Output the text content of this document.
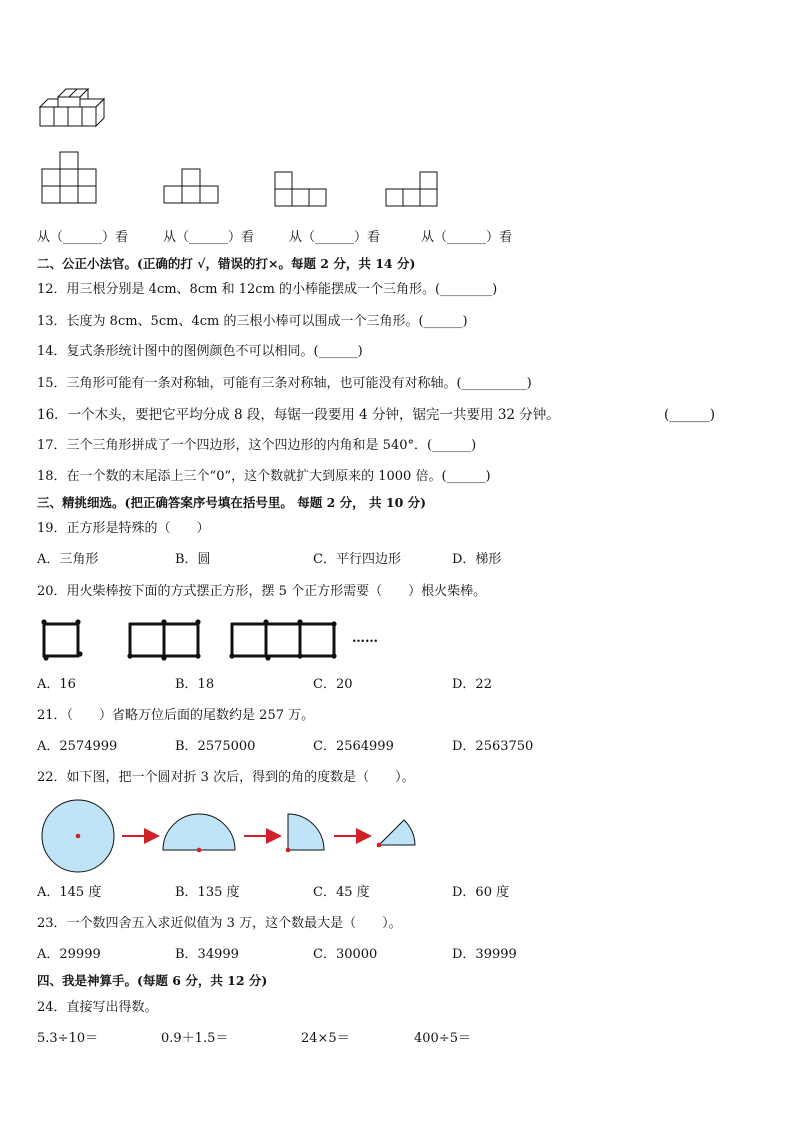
从（______）看	从（______）看	从（______）看	从（______）看
二、公正小法官。(正确的打 √，错误的打×。每题 2 分，共 14 分)
12．用三根分别是 4cm、8cm 和 12cm 的小棒能摆成一个三角形。(________)
13．长度为 8cm、5cm、4cm 的三根小棒可以围成一个三角形。(______)
14．复式条形统计图中的图例颜色不可以相同。(______)
15．三角形可能有一条对称轴，可能有三条对称轴，也可能没有对称轴。(__________)
16．一个木头，要把它平均分成 8 段，每锯一段要用 4 分钟，锯完一共要用 32 分钟。	(______)
17．三个三角形拼成了一个四边形，这个四边形的内角和是 540°．(______)
18．在一个数的末尾添上三个“0”，这个数就扩大到原来的 1000 倍。(______)
三、精挑细选。(把正确答案序号填在括号里。 每题 2 分， 共 10 分)
19．正方形是特殊的（　　）
A．三角形	B．圆	C．平行四边形	D．梯形
20．用火柴棒按下面的方式摆正方形，摆 5 个正方形需要（　　）根火柴棒。
……
A．16	B．18	C．20	D．22
21．（　　）省略万位后面的尾数约是 257 万。
A．2574999	B．2575000	C．2564999	D．2563750
22．如下图，把一个圆对折 3 次后，得到的角的度数是（　　）。
A．145 度	B．135 度	C．45 度	D．60 度
23．一个数四舍五入求近似值为 3 万，这个数最大是（　　）。
A．29999	B．34999	C．30000	D．39999
四、我是神算手。(每题 6 分，共 12 分)
24．直接写出得数。
5.3÷10＝	0.9＋1.5＝	24×5＝	400÷5＝
